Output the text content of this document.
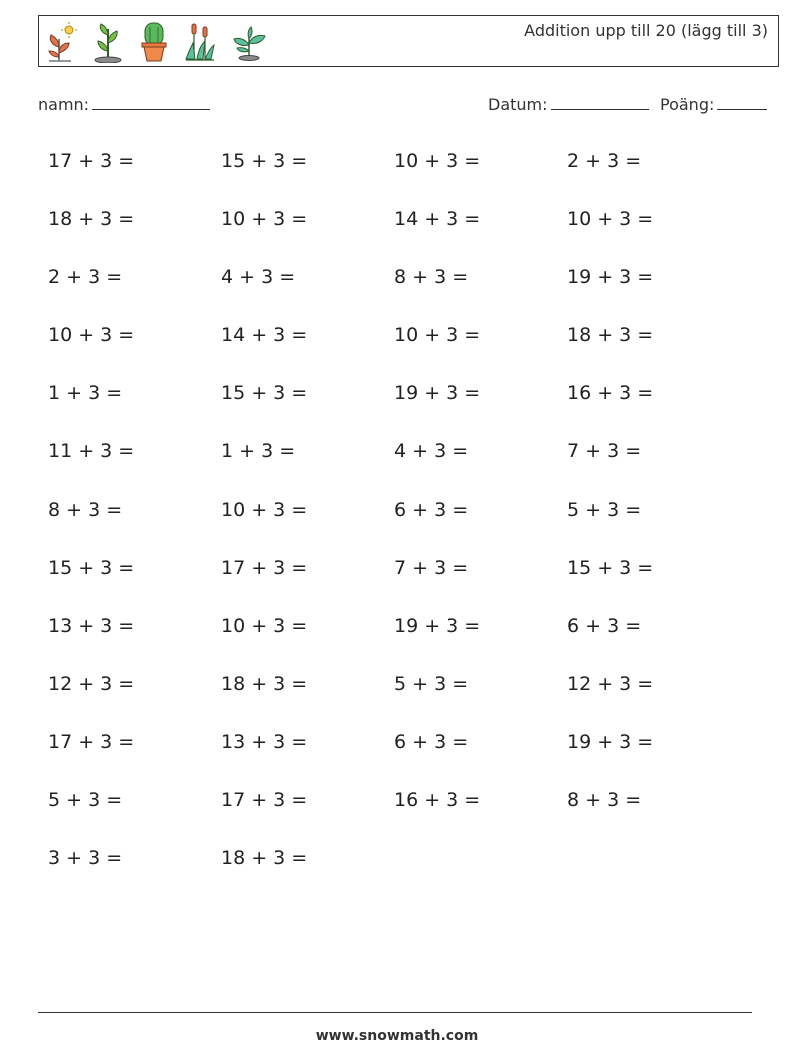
Addition upp till 20 (lägg till 3)
namn:	Datum:	Poäng:
17 + 3 =	15 + 3 =	10 + 3 =	2 + 3 =
18 + 3 =	10 + 3 =	14 + 3 =	10 + 3 =
2 + 3 =	4 + 3 =	8 + 3 =	19 + 3 =
10 + 3 =	14 + 3 =	10 + 3 =	18 + 3 =
1 + 3 =	15 + 3 =	19 + 3 =	16 + 3 =
11 + 3 =	1 + 3 =	4 + 3 =	7 + 3 =
8 + 3 =	10 + 3 =	6 + 3 =	5 + 3 =
15 + 3 =	17 + 3 =	7 + 3 =	15 + 3 =
13 + 3 =	10 + 3 =	19 + 3 =	6 + 3 =
12 + 3 =	18 + 3 =	5 + 3 =	12 + 3 =
17 + 3 =	13 + 3 =	6 + 3 =	19 + 3 =
5 + 3 =	17 + 3 =	16 + 3 =	8 + 3 =
3 + 3 =	18 + 3 =
www.snowmath.com
